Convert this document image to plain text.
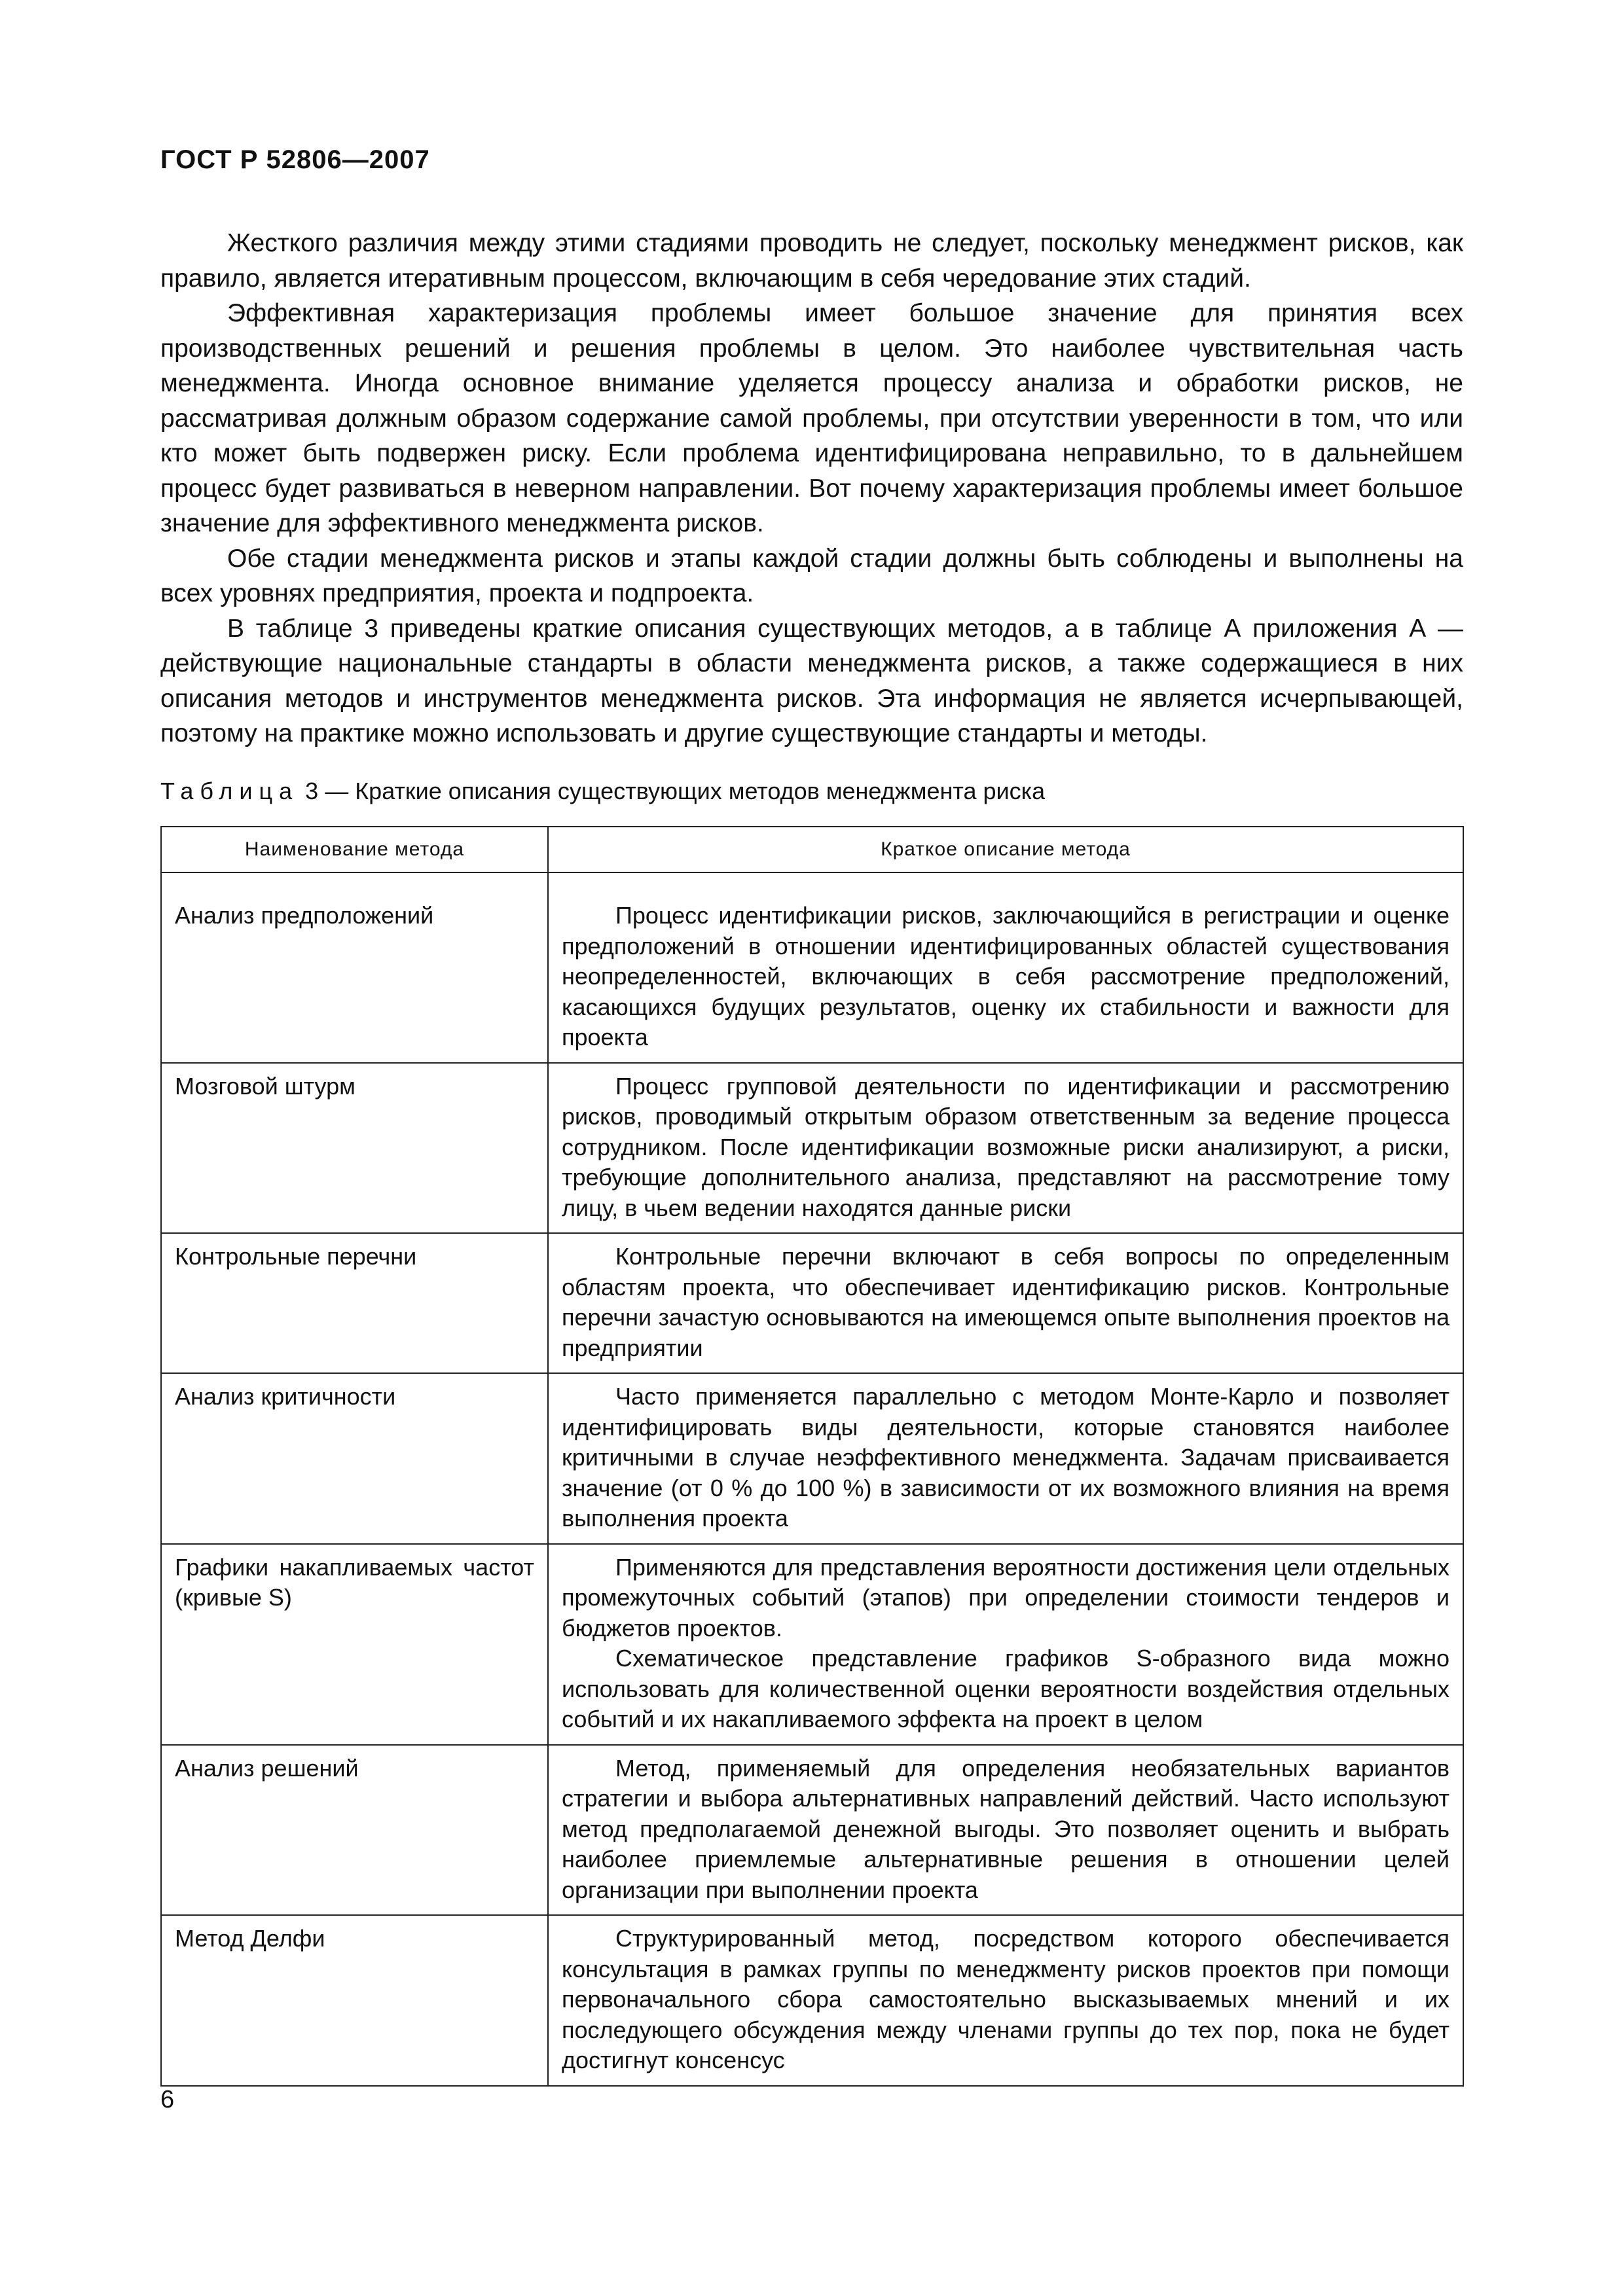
ГОСТ Р 52806—2007

Жесткого различия между этими стадиями проводить не следует, поскольку менеджмент рисков, как правило, является итеративным процессом, включающим в себя чередование этих стадий.

Эффективная характеризация проблемы имеет большое значение для принятия всех производственных решений и решения проблемы в целом. Это наиболее чувствительная часть менеджмента. Иногда основное внимание уделяется процессу анализа и обработки рисков, не рассматривая должным образом содержание самой проблемы, при отсутствии уверенности в том, что или кто может быть подвержен риску. Если проблема идентифицирована неправильно, то в дальнейшем процесс будет развиваться в неверном направлении. Вот почему характеризация проблемы имеет большое значение для эффективного менеджмента рисков.

Обе стадии менеджмента рисков и этапы каждой стадии должны быть соблюдены и выполнены на всех уровнях предприятия, проекта и подпроекта.

В таблице 3 приведены краткие описания существующих методов, а в таблице А приложения А — действующие национальные стандарты в области менеджмента рисков, а также содержащиеся в них описания методов и инструментов менеджмента рисков. Эта информация не является исчерпывающей, поэтому на практике можно использовать и другие существующие стандарты и методы.

Таблица 3 — Краткие описания существующих методов менеджмента риска
Наименование метода	Краткое описание метода

Анализ предположений	Процесс идентификации рисков, заключающийся в регистрации и оценке предположений в отношении идентифицированных областей существования неопределенностей, включающих в себя рассмотрение предположений, касающихся будущих результатов, оценку их стабильности и важности для проекта

Мозговой штурм	Процесс групповой деятельности по идентификации и рассмотрению рисков, проводимый открытым образом ответственным за ведение процесса сотрудником. После идентификации возможные риски анализируют, а риски, требующие дополнительного анализа, представляют на рассмотрение тому лицу, в чьем ведении находятся данные риски

Контрольные перечни	Контрольные перечни включают в себя вопросы по определенным областям проекта, что обеспечивает идентификацию рисков. Контрольные перечни зачастую основываются на имеющемся опыте выполнения проектов на предприятии

Анализ критичности	Часто применяется параллельно с методом Монте-Карло и позволяет идентифицировать виды деятельности, которые становятся наиболее критичными в случае неэффективного менеджмента. Задачам присваивается значение (от 0 % до 100 %) в зависимости от их возможного влияния на время выполнения проекта

Графики накапливаемых частот (кривые S)	Применяются для представления вероятности достижения цели отдельных промежуточных событий (этапов) при определении стоимости тендеров и бюджетов проектов.

Схематическое представление графиков S-образного вида можно использовать для количественной оценки вероятности воздействия отдельных событий и их накапливаемого эффекта на проект в целом

Анализ решений	Метод, применяемый для определения необязательных вариантов стратегии и выбора альтернативных направлений действий. Часто используют метод предполагаемой денежной выгоды. Это позволяет оценить и выбрать наиболее приемлемые альтернативные решения в отношении целей организации при выполнении проекта

Метод Делфи	Структурированный метод, посредством которого обеспечивается консультация в рамках группы по менеджменту рисков проектов при помощи первоначального сбора самостоятельно высказываемых мнений и их последующего обсуждения между членами группы до тех пор, пока не будет достигнут консенсус

6
